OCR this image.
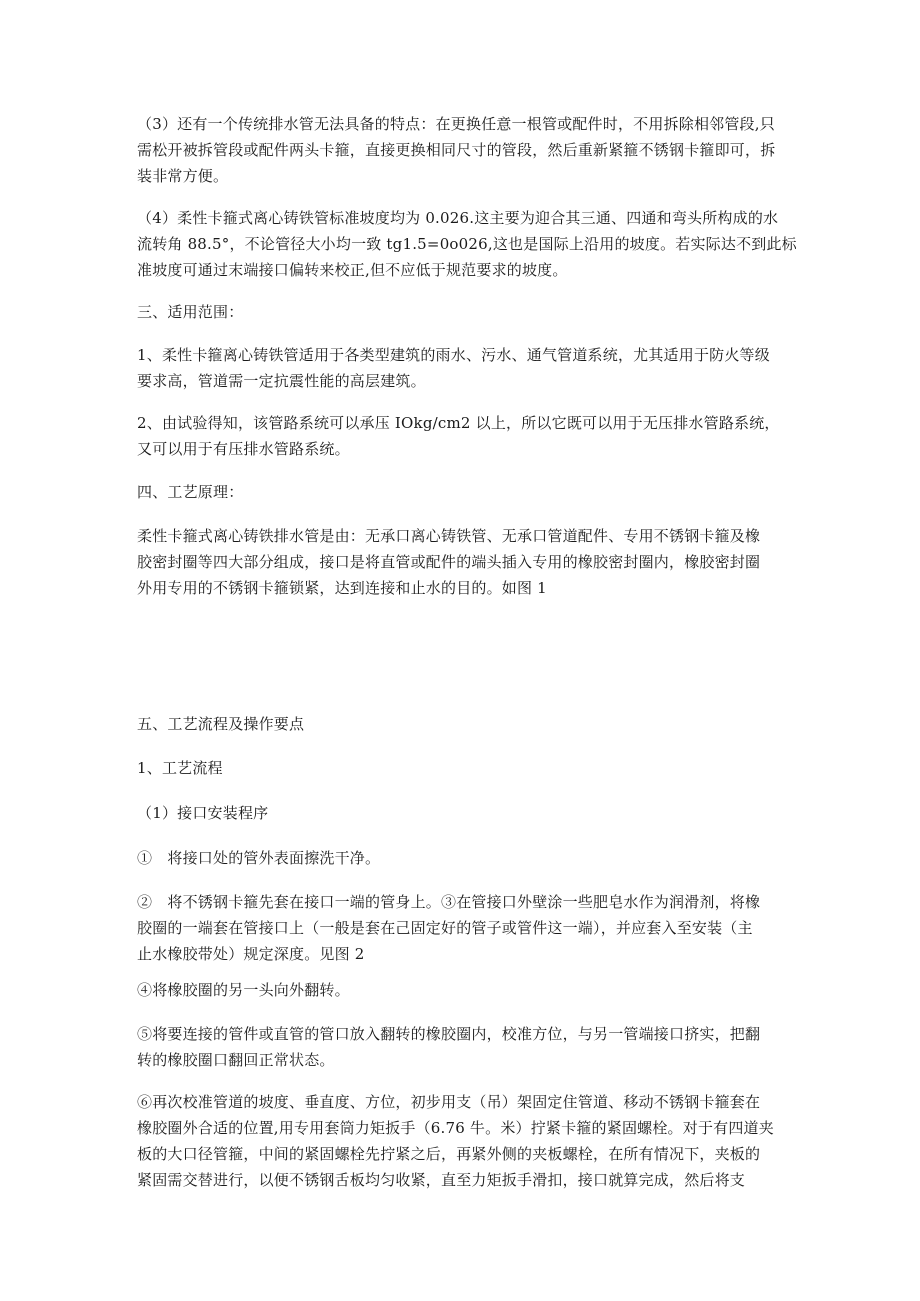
（3）还有一个传统排水管无法具备的特点：在更换任意一根管或配件时，不用拆除相邻管段,只
需松开被拆管段或配件两头卡箍，直接更换相同尺寸的管段，然后重新紧箍不锈钢卡箍即可，拆
装非常方便。
（4）柔性卡箍式离心铸铁管标准坡度均为 0.026.这主要为迎合其三通、四通和弯头所构成的水
流转角 88.5°，不论管径大小均一致 tg1.5=0o026,这也是国际上沿用的坡度。若实际达不到此标
准坡度可通过末端接口偏转来校正,但不应低于规范要求的坡度。
三、适用范围：
1、柔性卡箍离心铸铁管适用于各类型建筑的雨水、污水、通气管道系统，尤其适用于防火等级
要求高，管道需一定抗震性能的高层建筑。
2、由试验得知，该管路系统可以承压 IOkg/cm2 以上，所以它既可以用于无压排水管路系统，
又可以用于有压排水管路系统。
四、工艺原理：
柔性卡箍式离心铸铁排水管是由：无承口离心铸铁管、无承口管道配件、专用不锈钢卡箍及橡
胶密封圈等四大部分组成，接口是将直管或配件的端头插入专用的橡胶密封圈内，橡胶密封圈
外用专用的不锈钢卡箍锁紧，达到连接和止水的目的。如图 1
五、工艺流程及操作要点
1、工艺流程
（1）接口安装程序
①　将接口处的管外表面擦洗干净。
②　将不锈钢卡箍先套在接口一端的管身上。③在管接口外壁涂一些肥皂水作为润滑剂，将橡
胶圈的一端套在管接口上（一般是套在己固定好的管子或管件这一端），并应套入至安装（主
止水橡胶带处）规定深度。见图 2
④将橡胶圈的另一头向外翻转。
⑤将要连接的管件或直管的管口放入翻转的橡胶圈内，校准方位，与另一管端接口挤实，把翻
转的橡胶圈口翻回正常状态。
⑥再次校准管道的坡度、垂直度、方位，初步用支（吊）架固定住管道、移动不锈钢卡箍套在
橡胶圈外合适的位置,用专用套筒力矩扳手（6.76 牛。米）拧紧卡箍的紧固螺栓。对于有四道夹
板的大口径管箍，中间的紧固螺栓先拧紧之后，再紧外侧的夹板螺栓，在所有情况下，夹板的
紧固需交替进行，以便不锈钢舌板均匀收紧，直至力矩扳手滑扣，接口就算完成，然后将支
